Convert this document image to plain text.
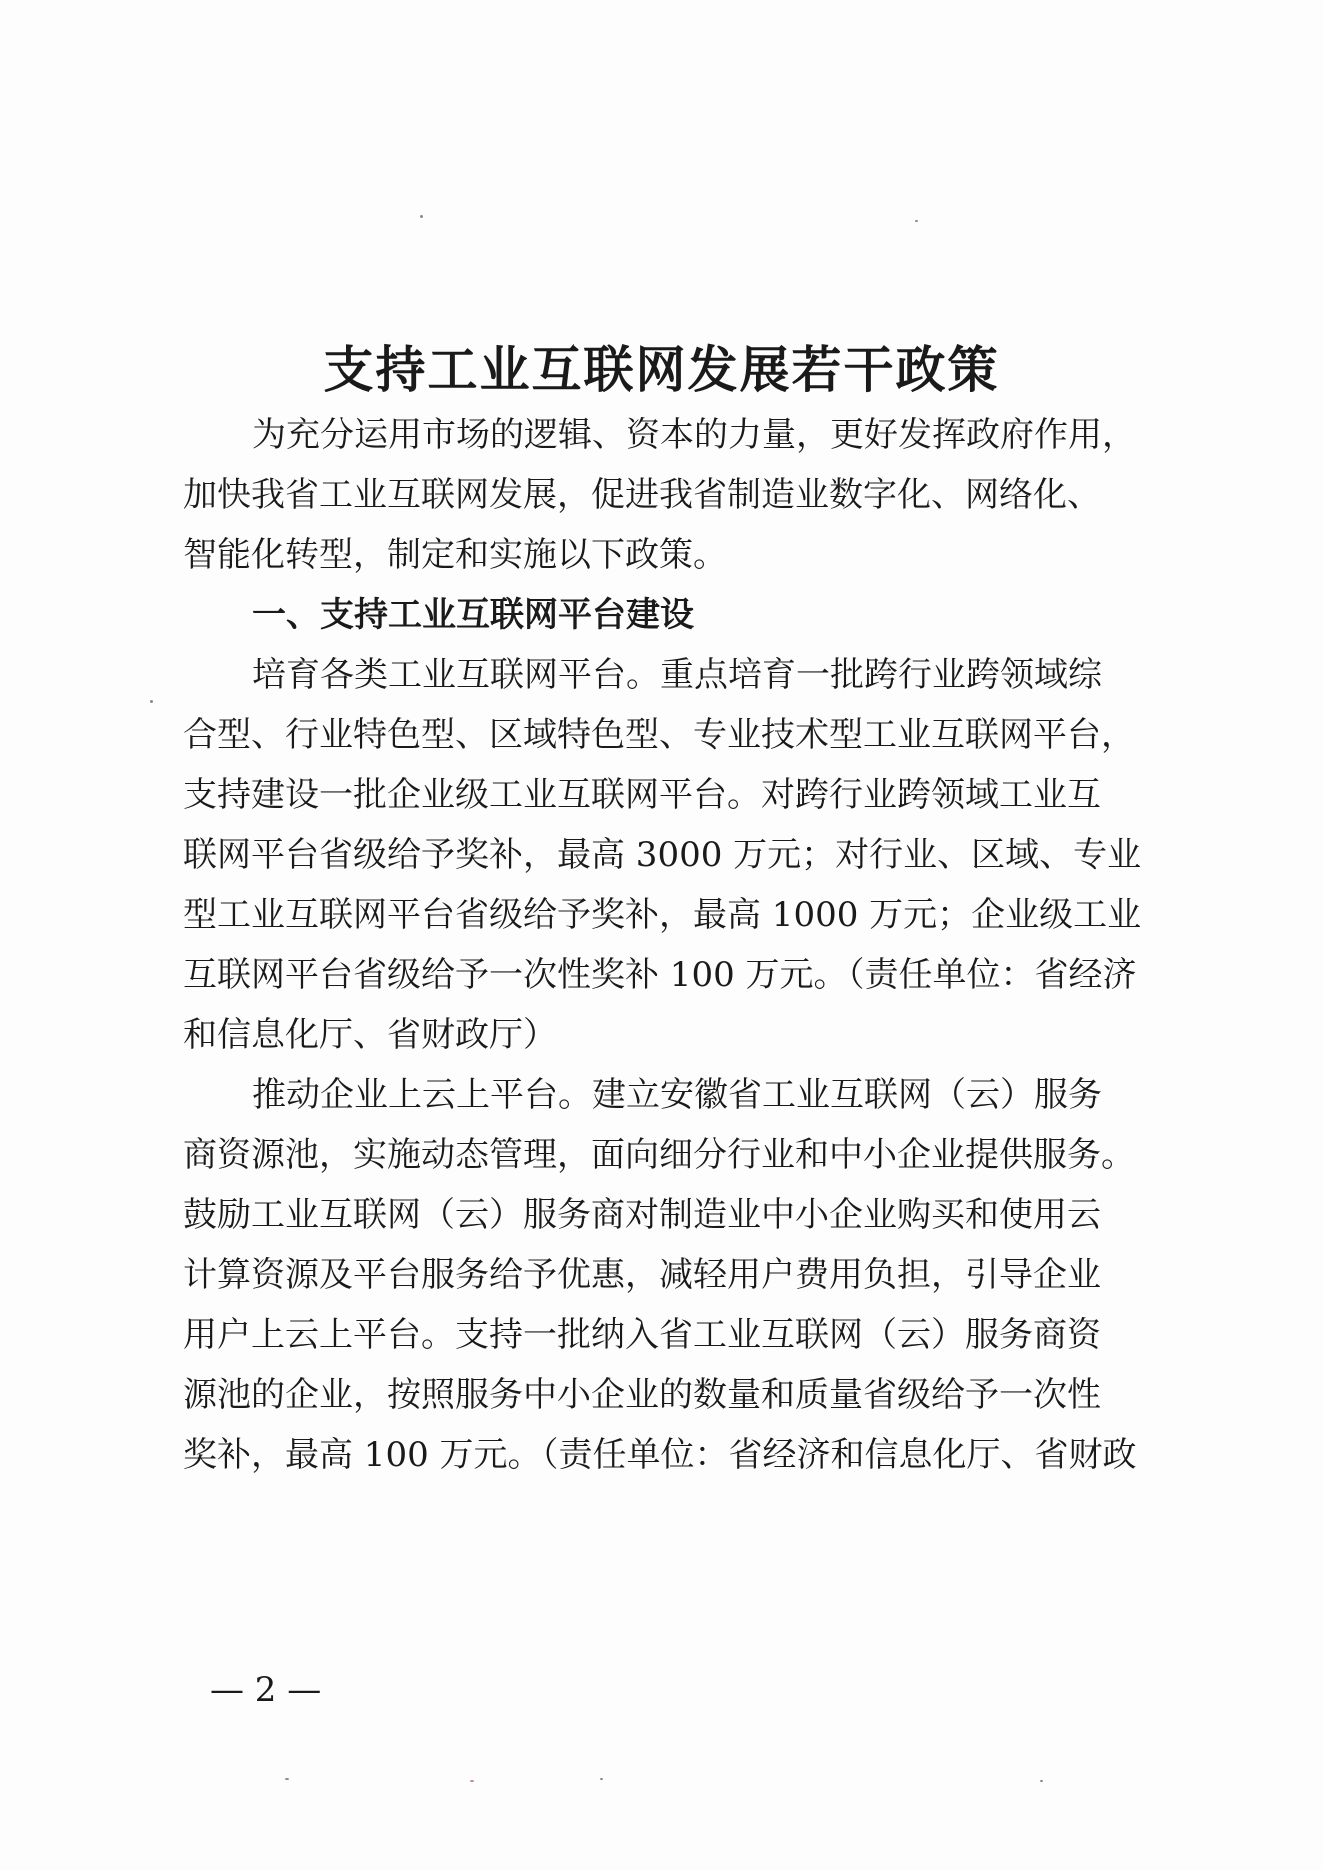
支持工业互联网发展若干政策
为充分运用市场的逻辑、资本的力量，更好发挥政府作用，
加快我省工业互联网发展，促进我省制造业数字化、网络化、
智能化转型，制定和实施以下政策。
一、支持工业互联网平台建设
培育各类工业互联网平台。重点培育一批跨行业跨领域综
合型、行业特色型、区域特色型、专业技术型工业互联网平台，
支持建设一批企业级工业互联网平台。对跨行业跨领域工业互
联网平台省级给予奖补，最高 3000 万元；对行业、区域、专业
型工业互联网平台省级给予奖补，最高 1000 万元；企业级工业
互联网平台省级给予一次性奖补 100 万元。（责任单位：省经济
和信息化厅、省财政厅）
推动企业上云上平台。建立安徽省工业互联网（云）服务
商资源池，实施动态管理，面向细分行业和中小企业提供服务。
鼓励工业互联网（云）服务商对制造业中小企业购买和使用云
计算资源及平台服务给予优惠，减轻用户费用负担，引导企业
用户上云上平台。支持一批纳入省工业互联网（云）服务商资
源池的企业，按照服务中小企业的数量和质量省级给予一次性
奖补，最高 100 万元。（责任单位：省经济和信息化厅、省财政
— 2 —
